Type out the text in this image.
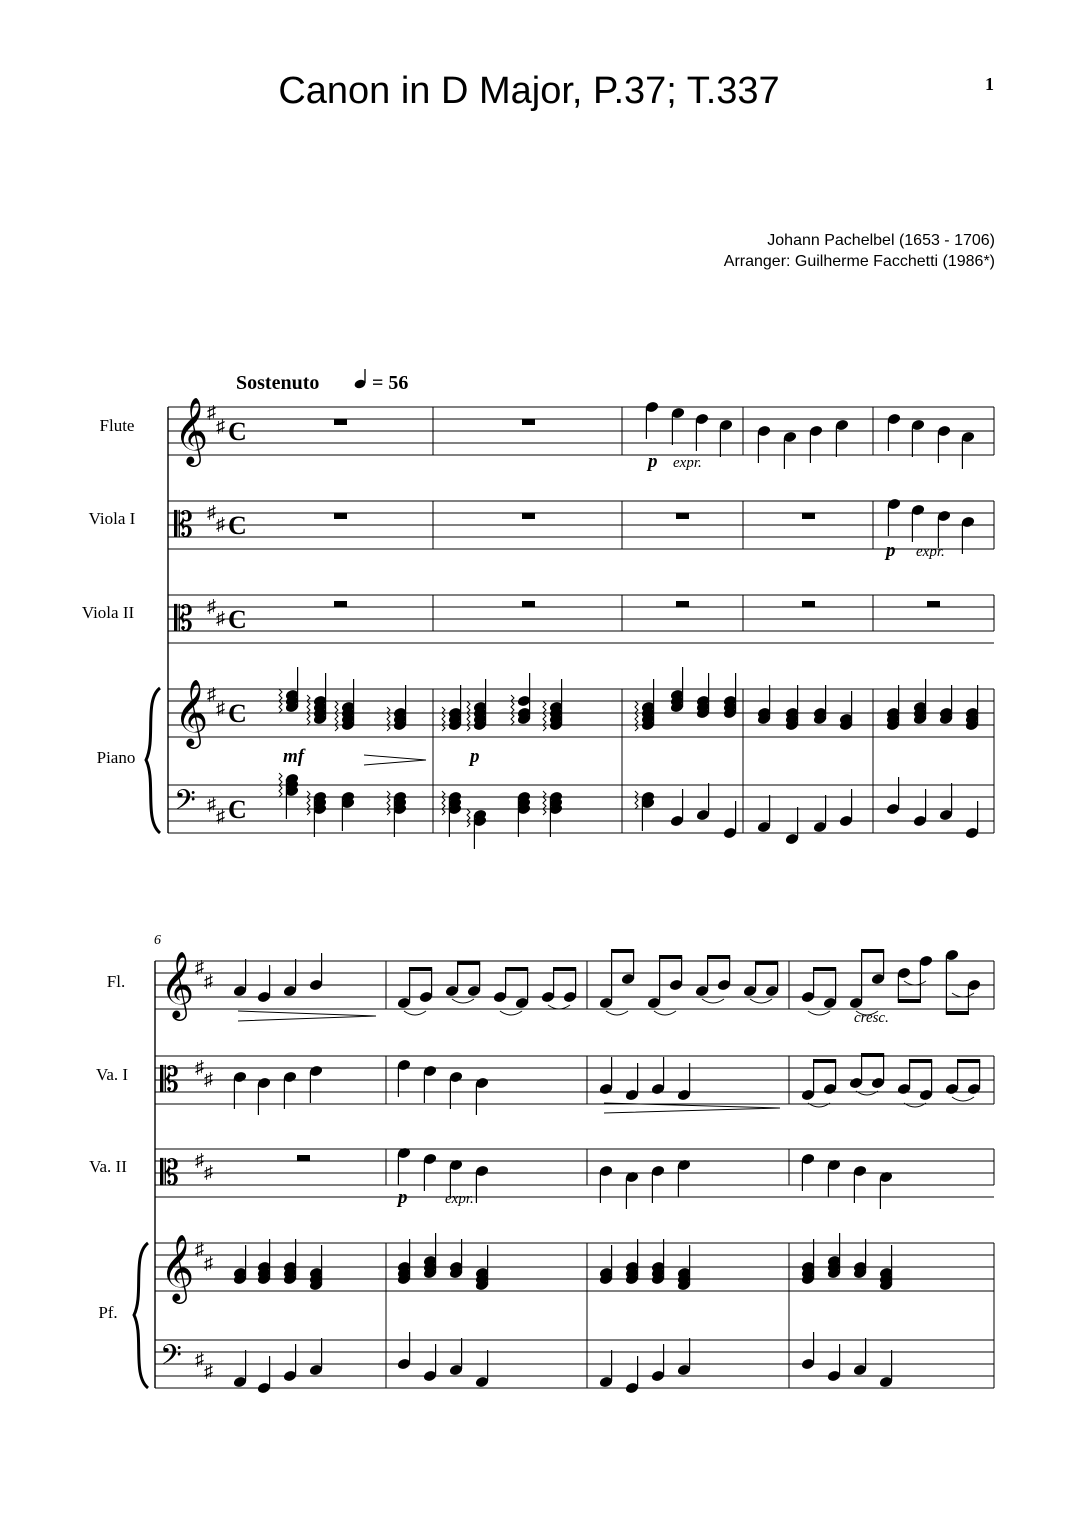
Canon in D Major, P.37; T.337	1
Johann Pachelbel (1653 - 1706)
Arranger: Guilherme Facchetti (1986*)
Sostenuto	= 56
Flute
Viola I
Viola II
Piano
𝄞
𝄡
𝄡
𝄞
𝄢
♯
♯
♯
♯
♯
♯
♯
♯
♯
♯
C
C
C
C
C
p expr.
p expr.
mf	p
6
Fl.
Va. I
Va. II
Pf.
𝄞
𝄡
𝄡
𝄞
𝄢
♯
♯
♯
♯
♯
♯
♯
♯
♯
♯
p	expr.
cresc.
